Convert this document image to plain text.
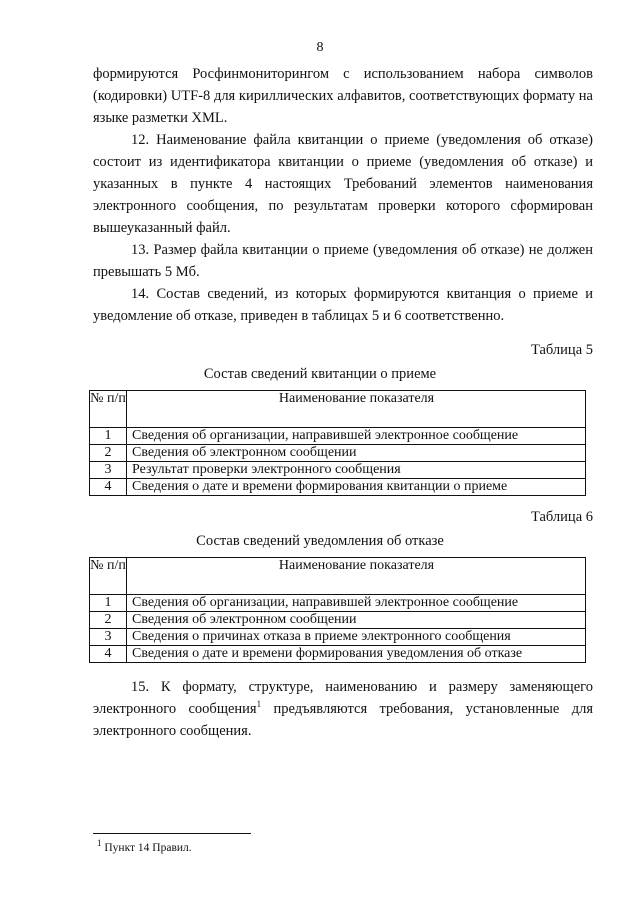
8

формируются Росфинмониторингом с использованием набора символов (кодировки) UTF-8 для кириллических алфавитов, соответствующих формату на языке разметки XML.

12. Наименование файла квитанции о приеме (уведомления об отказе) состоит из идентификатора квитанции о приеме (уведомления об отказе) и указанных в пункте 4 настоящих Требований элементов наименования электронного сообщения, по результатам проверки которого сформирован вышеуказанный файл.

13. Размер файла квитанции о приеме (уведомления об отказе) не должен превышать 5 Мб.

14. Состав сведений, из которых формируются квитанция о приеме и уведомление об отказе, приведен в таблицах 5 и 6 соответственно.

Таблица 5
Состав сведений квитанции о приеме
№ п/п	Наименование показателя
1	Сведения об организации, направившей электронное сообщение
2	Сведения об электронном сообщении
3	Результат проверки электронного сообщения
4	Сведения о дате и времени формирования квитанции о приеме
Таблица 6
Состав сведений уведомления об отказе
№ п/п	Наименование показателя
1	Сведения об организации, направившей электронное сообщение
2	Сведения об электронном сообщении
3	Сведения о причинах отказа в приеме электронного сообщения
4	Сведения о дате и времени формирования уведомления об отказе

15. К формату, структуре, наименованию и размеру заменяющего электронного сообщения$^1$ предъявляются требования, установленные для электронного сообщения.

$^1$ Пункт 14 Правил.
